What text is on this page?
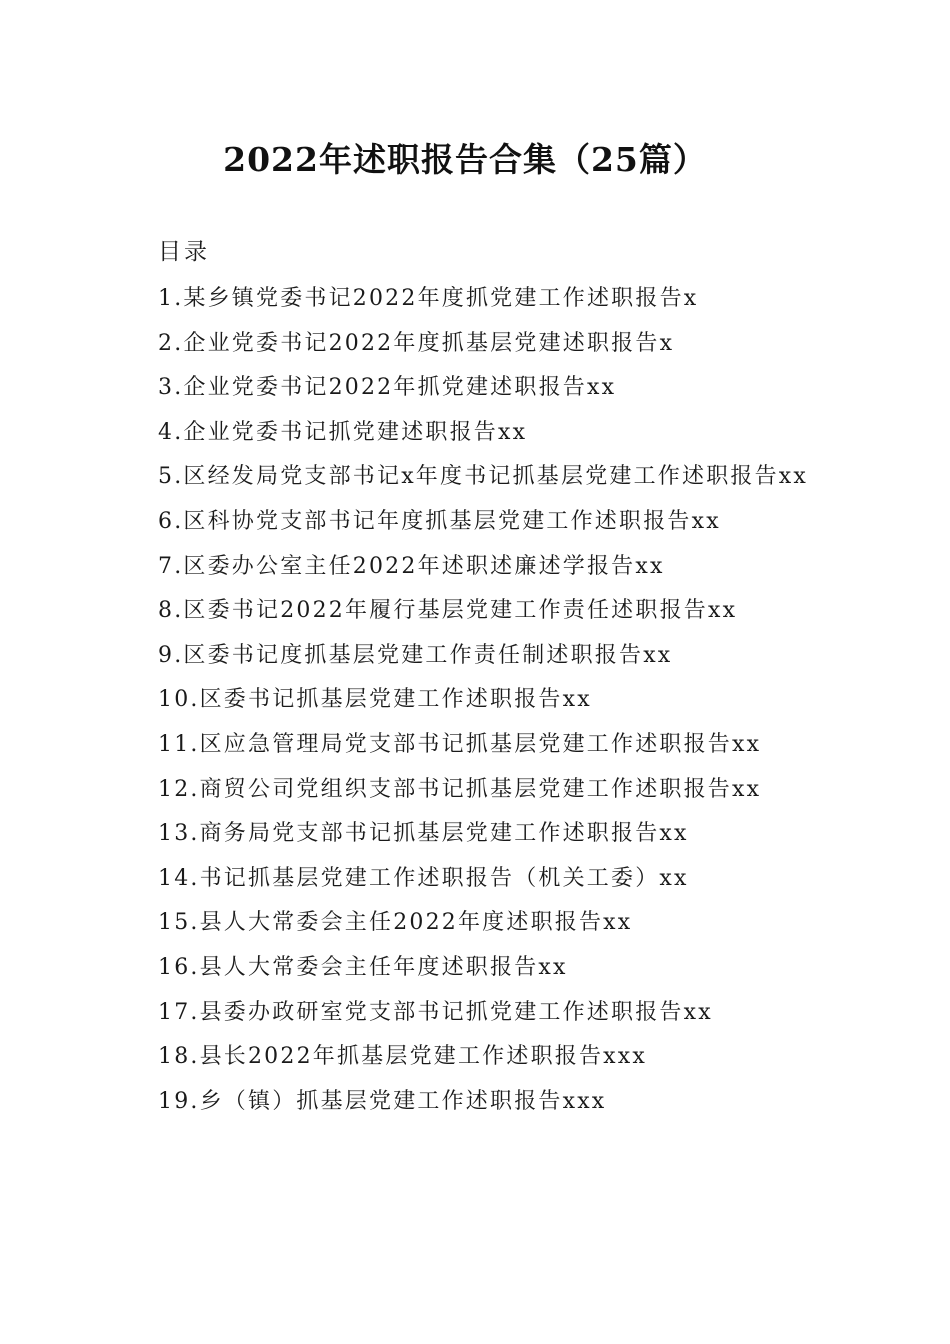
2022年述职报告合集（25篇）
目录
1.某乡镇党委书记2022年度抓党建工作述职报告x
2.企业党委书记2022年度抓基层党建述职报告x
3.企业党委书记2022年抓党建述职报告xx
4.企业党委书记抓党建述职报告xx
5.区经发局党支部书记x年度书记抓基层党建工作述职报告xx
6.区科协党支部书记年度抓基层党建工作述职报告xx
7.区委办公室主任2022年述职述廉述学报告xx
8.区委书记2022年履行基层党建工作责任述职报告xx
9.区委书记度抓基层党建工作责任制述职报告xx
10.区委书记抓基层党建工作述职报告xx
11.区应急管理局党支部书记抓基层党建工作述职报告xx
12.商贸公司党组织支部书记抓基层党建工作述职报告xx
13.商务局党支部书记抓基层党建工作述职报告xx
14.书记抓基层党建工作述职报告（机关工委）xx
15.县人大常委会主任2022年度述职报告xx
16.县人大常委会主任年度述职报告xx
17.县委办政研室党支部书记抓党建工作述职报告xx
18.县长2022年抓基层党建工作述职报告xxx
19.乡（镇）抓基层党建工作述职报告xxx
